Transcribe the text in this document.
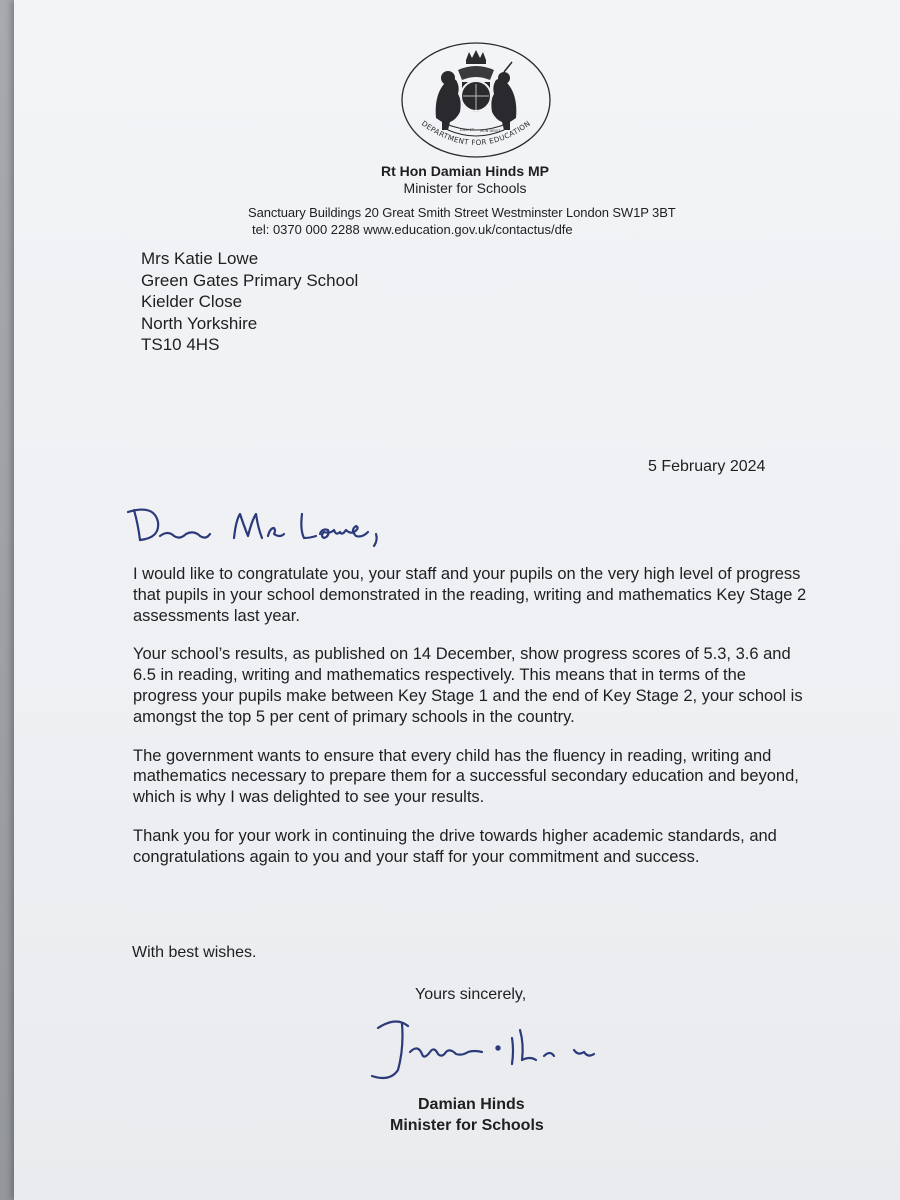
DIEU ET MON DROIT
DEPARTMENT FOR EDUCATION
Rt Hon Damian Hinds MP
Minister for Schools
Sanctuary Buildings 20 Great Smith Street Westminster London SW1P 3BT
tel: 0370 000 2288 www.education.gov.uk/contactus/dfe
Mrs Katie Lowe
Green Gates Primary School
Kielder Close
North Yorkshire
TS10 4HS
5 February 2024

I would like to congratulate you, your staff and your pupils on the very high level of progress that pupils in your school demonstrated in the reading, writing and mathematics Key Stage 2 assessments last year.

Your school’s results, as published on 14 December, show progress scores of 5.3, 3.6 and 6.5 in reading, writing and mathematics respectively. This means that in terms of the progress your pupils make between Key Stage 1 and the end of Key Stage 2, your school is amongst the top 5 per cent of primary schools in the country.

The government wants to ensure that every child has the fluency in reading, writing and mathematics necessary to prepare them for a successful secondary education and beyond, which is why I was delighted to see your results.

Thank you for your work in continuing the drive towards higher academic standards, and congratulations again to you and your staff for your commitment and success.

With best wishes.
Yours sincerely,
Damian Hinds
Minister for Schools
